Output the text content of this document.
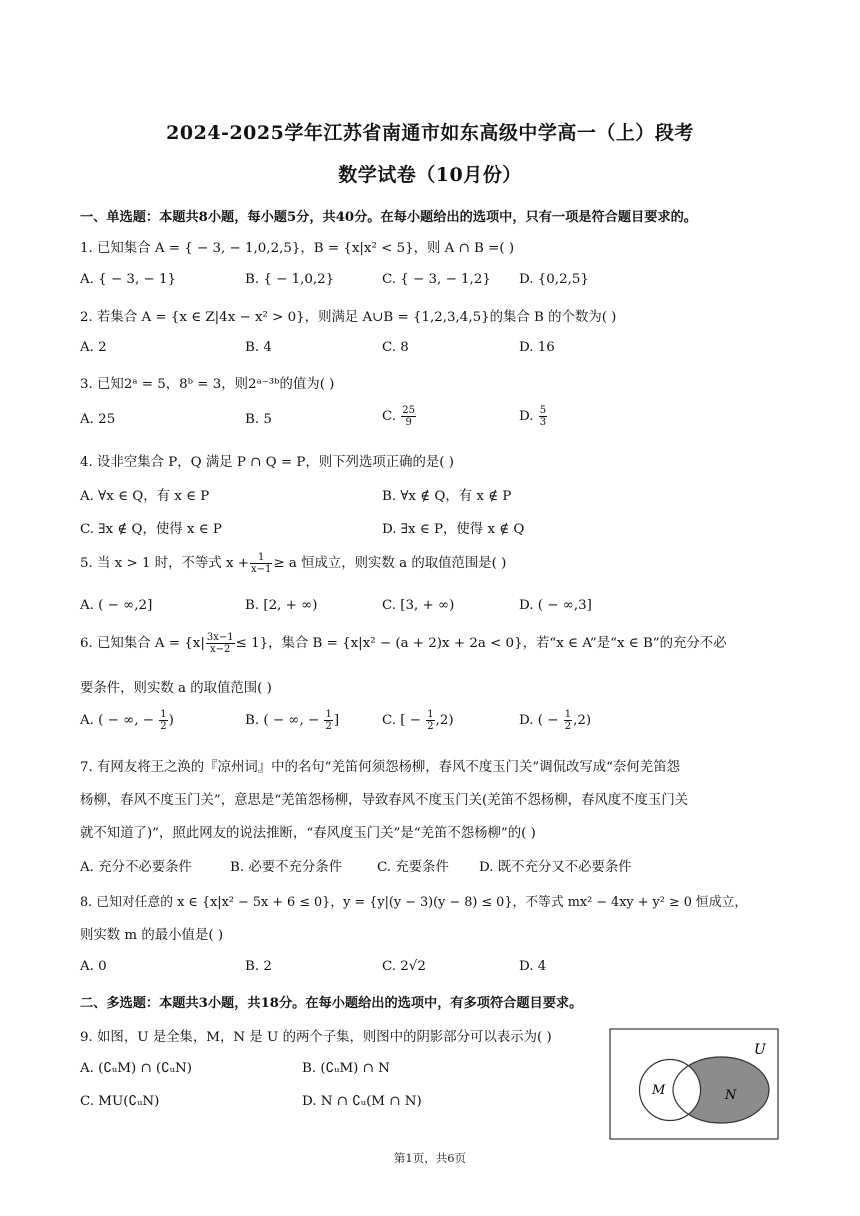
2024-2025学年江苏省南通市如东高级中学高一（上）段考
数学试卷（10月份）
一、单选题：本题共8小题，每小题5分，共40分。在每小题给出的选项中，只有一项是符合题目要求的。
1. 已知集合 A = { − 3, − 1,0,2,5}，B = {x|x² < 5}，则 A ∩ B =( )
A. { − 3, − 1}	B. { − 1,0,2}	C. { − 3, − 1,2} D. {0,2,5}
2. 若集合 A = {x ∈ Z|4x − x² > 0}，则满足 A∪B = {1,2,3,4,5}的集合 B 的个数为( )
A. 2	B. 4	C. 8	D. 16
3. 已知2ᵃ = 5，8ᵇ = 3，则2ᵃ⁻³ᵇ的值为( )
A. 25	B. 5	C. $\frac{25}{9}$	D. $\frac{5}{3}$
4. 设非空集合 P，Q 满足 P ∩ Q = P，则下列选项正确的是( )
A. ∀x ∈ Q，有 x ∈ P	B. ∀x ∉ Q，有 x ∉ P
C. ∃x ∉ Q，使得 x ∈ P	D. ∃x ∈ P，使得 x ∉ Q
5. 当 x > 1 时，不等式 $x + \frac{1}{x-1} \ge a$ 恒成立，则实数 a 的取值范围是( )
A. ( − ∞,2]	B. [2, + ∞)	C. [3, + ∞)	D. ( − ∞,3]
6. 已知集合 $A = \{x| \frac{3x-1}{x-2} \le 1\}$，集合 B = {x|x² − (a + 2)x + 2a < 0}，若“x ∈ A”是“x ∈ B”的充分不必
要条件，则实数 a 的取值范围( )
A. ( − ∞, − $\frac{1}{2}$ )	B. ( − ∞, − $\frac{1}{2}$ ]	C. [ − $\frac{1}{2} ,2$)	D. ( − $\frac{1}{2} ,2$)
7. 有网友将王之涣的『凉州词』中的名句“羌笛何须怨杨柳，春风不度玉门关”调侃改写成“奈何羌笛怨
杨柳，春风不度玉门关”，意思是“羌笛怨杨柳，导致春风不度玉门关(羌笛不怨杨柳，春风度不度玉门关
就不知道了)”，照此网友的说法推断，“春风度玉门关”是“羌笛不怨杨柳”的( )
A. 充分不必要条件	B. 必要不充分条件	C. 充要条件 D. 既不充分又不必要条件
8. 已知对任意的 x ∈ {x|x² − 5x + 6 ≤ 0}，y = {y|(y − 3)(y − 8) ≤ 0}，不等式 mx² − 4xy + y² ≥ 0 恒成立，
则实数 m 的最小值是( )
A. 0	B. 2	C. 2√2	D. 4
二、多选题：本题共3小题，共18分。在每小题给出的选项中，有多项符合题目要求。
9. 如图，U 是全集，M，N 是 U 的两个子集，则图中的阴影部分可以表示为( )
A. (∁ᵤM) ∩ (∁ᵤN)	B. (∁ᵤM) ∩ N
C. MU(∁ᵤN)	D. N ∩ ∁ᵤ(M ∩ N)
U
M	N
第1页，共6页
